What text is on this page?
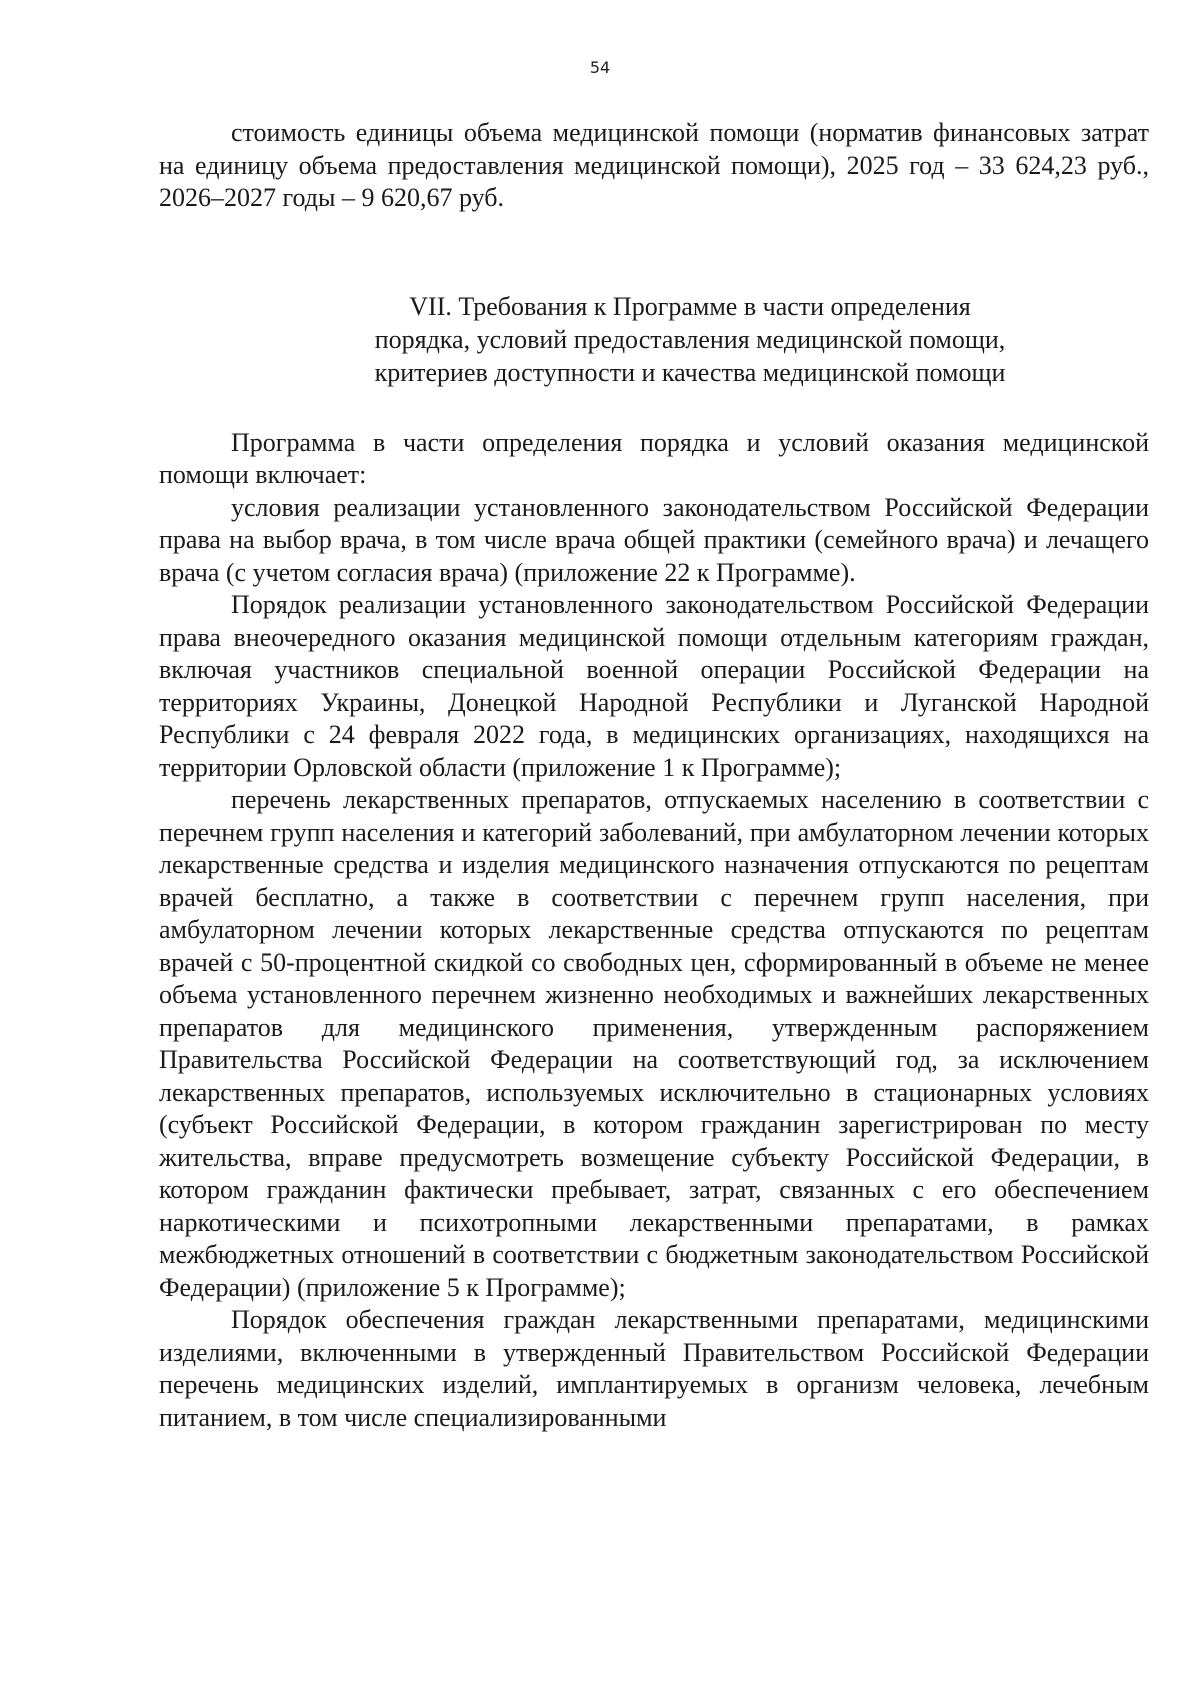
54

стоимость единицы объема медицинской помощи (норматив финансовых затрат на единицу объема предоставления медицинской помощи), 2025 год – 33 624,23 руб., 2026–2027 годы – 9 620,67 руб.

VII. Требования к Программе в части определения
порядка, условий предоставления медицинской помощи,
критериев доступности и качества медицинской помощи

Программа в части определения порядка и условий оказания медицинской помощи включает:

условия реализации установленного законодательством Российской Федерации права на выбор врача, в том числе врача общей практики (семейного врача) и лечащего врача (с учетом согласия врача) (приложение 22 к Программе).

Порядок реализации установленного законодательством Российской Федерации права внеочередного оказания медицинской помощи отдельным категориям граждан, включая участников специальной военной операции Российской Федерации на территориях Украины, Донецкой Народной Республики и Луганской Народной Республики с 24 февраля 2022 года, в медицинских организациях, находящихся на территории Орловской области (приложение 1 к Программе);

перечень лекарственных препаратов, отпускаемых населению в соответствии с перечнем групп населения и категорий заболеваний, при амбулаторном лечении которых лекарственные средства и изделия медицинского назначения отпускаются по рецептам врачей бесплатно, а также в соответствии с перечнем групп населения, при амбулаторном лечении которых лекарственные средства отпускаются по рецептам врачей с 50-процентной скидкой со свободных цен, сформированный в объеме не менее объема установленного перечнем жизненно необходимых и важнейших лекарственных препаратов для медицинского применения, утвержденным распоряжением Правительства Российской Федерации на соответствующий год, за исключением лекарственных препаратов, используемых исключительно в стационарных условиях (субъект Российской Федерации, в котором гражданин зарегистрирован по месту жительства, вправе предусмотреть возмещение субъекту Российской Федерации, в котором гражданин фактически пребывает, затрат, связанных с его обеспечением наркотическими и психотропными лекарственными препаратами, в рамках межбюджетных отношений в соответствии с бюджетным законодательством Российской Федерации) (приложение 5 к Программе);

Порядок обеспечения граждан лекарственными препаратами, медицинскими изделиями, включенными в утвержденный Правительством Российской Федерации перечень медицинских изделий, имплантируемых в организм человека, лечебным питанием, в том числе специализированными
